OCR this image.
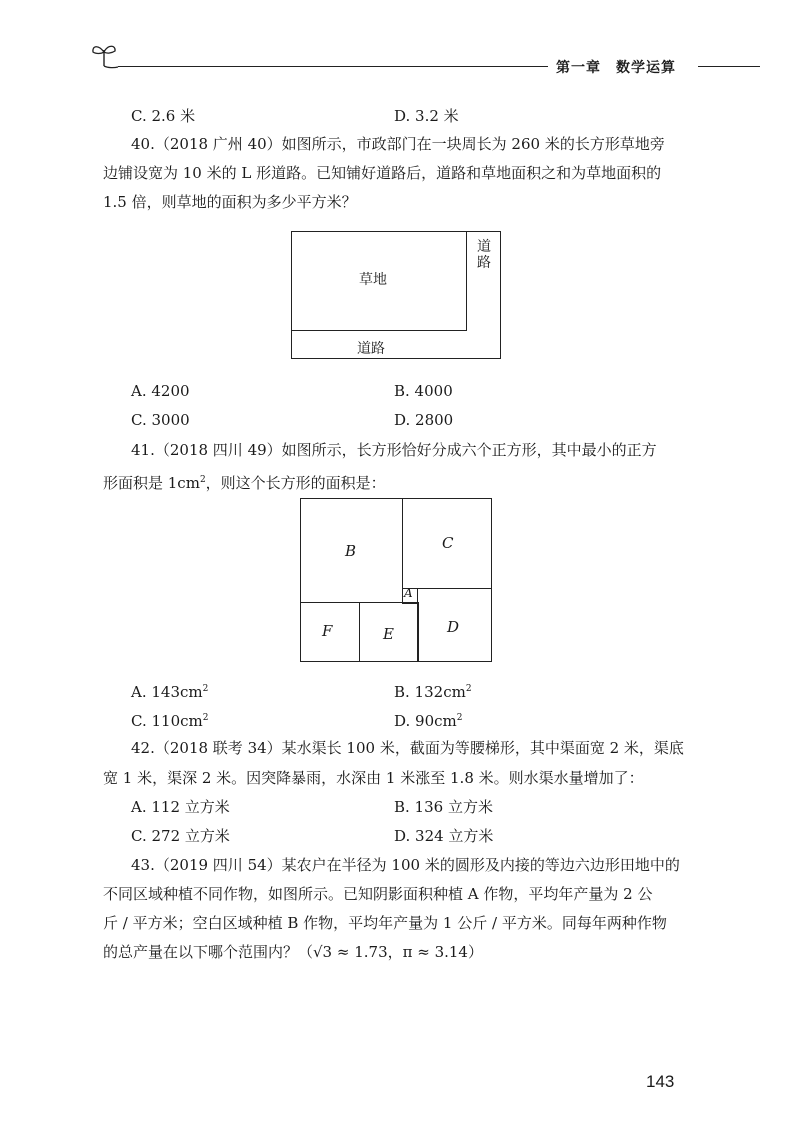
第一章　数学运算
C. 2.6 米	D. 3.2 米
40.（2018 广州 40）如图所示，市政部门在一块周长为 260 米的长方形草地旁
边铺设宽为 10 米的 L 形道路。已知铺好道路后，道路和草地面积之和为草地面积的
1.5 倍，则草地的面积为多少平方米？
草地
道路
道路
A. 4200	B. 4000
C. 3000	D. 2800
41.（2018 四川 49）如图所示，长方形恰好分成六个正方形，其中最小的正方
形面积是 $1cm^2$，则这个长方形的面积是：
B	C
A
F	E	D
A. $143cm^2$	B. $132cm^2$
C. $110cm^2$	D. $90cm^2$
42.（2018 联考 34）某水渠长 100 米，截面为等腰梯形，其中渠面宽 2 米，渠底
宽 1 米，渠深 2 米。因突降暴雨，水深由 1 米涨至 1.8 米。则水渠水量增加了：
A. 112 立方米	B. 136 立方米
C. 272 立方米	D. 324 立方米
43.（2019 四川 54）某农户在半径为 100 米的圆形及内接的等边六边形田地中的
不同区域种植不同作物，如图所示。已知阴影面积种植 A 作物，平均年产量为 2 公
斤 / 平方米；空白区域种植 B 作物，平均年产量为 1 公斤 / 平方米。同每年两种作物
的总产量在以下哪个范围内？（√3 ≈ 1.73，π ≈ 3.14）
143
